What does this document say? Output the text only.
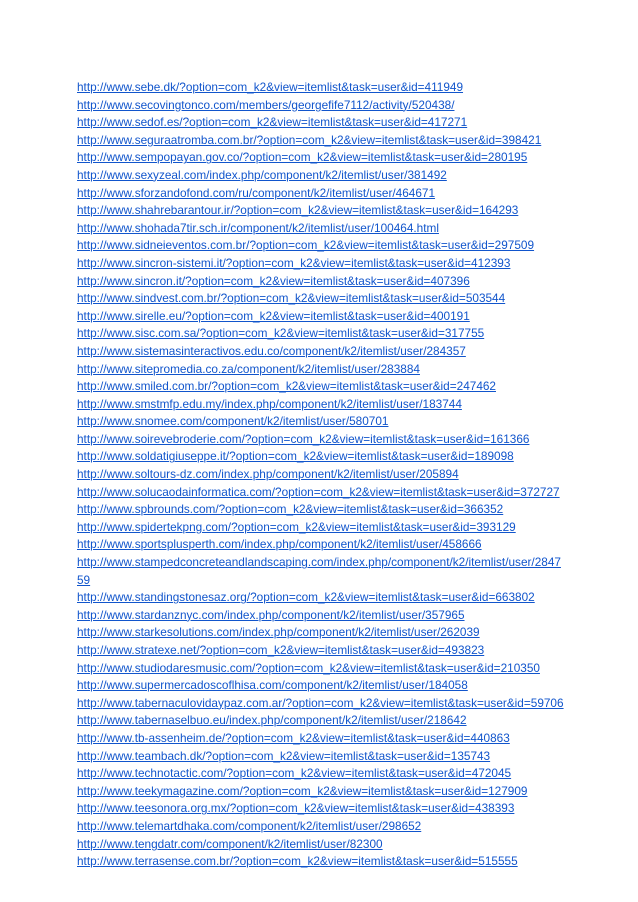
http://www.sebe.dk/?option=com_k2&view=itemlist&task=user&id=411949
http://www.secovingtonco.com/members/georgefife7112/activity/520438/
http://www.sedof.es/?option=com_k2&view=itemlist&task=user&id=417271
http://www.seguraatromba.com.br/?option=com_k2&view=itemlist&task=user&id=398421
http://www.sempopayan.gov.co/?option=com_k2&view=itemlist&task=user&id=280195
http://www.sexyzeal.com/index.php/component/k2/itemlist/user/381492
http://www.sforzandofond.com/ru/component/k2/itemlist/user/464671
http://www.shahrebarantour.ir/?option=com_k2&view=itemlist&task=user&id=164293
http://www.shohada7tir.sch.ir/component/k2/itemlist/user/100464.html
http://www.sidneieventos.com.br/?option=com_k2&view=itemlist&task=user&id=297509
http://www.sincron-sistemi.it/?option=com_k2&view=itemlist&task=user&id=412393
http://www.sincron.it/?option=com_k2&view=itemlist&task=user&id=407396
http://www.sindvest.com.br/?option=com_k2&view=itemlist&task=user&id=503544
http://www.sirelle.eu/?option=com_k2&view=itemlist&task=user&id=400191
http://www.sisc.com.sa/?option=com_k2&view=itemlist&task=user&id=317755
http://www.sistemasinteractivos.edu.co/component/k2/itemlist/user/284357
http://www.sitepromedia.co.za/component/k2/itemlist/user/283884
http://www.smiled.com.br/?option=com_k2&view=itemlist&task=user&id=247462
http://www.smstmfp.edu.my/index.php/component/k2/itemlist/user/183744
http://www.snomee.com/component/k2/itemlist/user/580701
http://www.soirevebroderie.com/?option=com_k2&view=itemlist&task=user&id=161366
http://www.soldatigiuseppe.it/?option=com_k2&view=itemlist&task=user&id=189098
http://www.soltours-dz.com/index.php/component/k2/itemlist/user/205894
http://www.solucaodainformatica.com/?option=com_k2&view=itemlist&task=user&id=372727
http://www.spbrounds.com/?option=com_k2&view=itemlist&task=user&id=366352
http://www.spidertekpng.com/?option=com_k2&view=itemlist&task=user&id=393129
http://www.sportsplusperth.com/index.php/component/k2/itemlist/user/458666
http://www.stampedconcreteandlandscaping.com/index.php/component/k2/itemlist/user/284759
http://www.standingstonesaz.org/?option=com_k2&view=itemlist&task=user&id=663802
http://www.stardanznyc.com/index.php/component/k2/itemlist/user/357965
http://www.starkesolutions.com/index.php/component/k2/itemlist/user/262039
http://www.stratexe.net/?option=com_k2&view=itemlist&task=user&id=493823
http://www.studiodaresmusic.com/?option=com_k2&view=itemlist&task=user&id=210350
http://www.supermercadoscoflhisa.com/component/k2/itemlist/user/184058
http://www.tabernaculovidaypaz.com.ar/?option=com_k2&view=itemlist&task=user&id=59706
http://www.tabernaselbuo.eu/index.php/component/k2/itemlist/user/218642
http://www.tb-assenheim.de/?option=com_k2&view=itemlist&task=user&id=440863
http://www.teambach.dk/?option=com_k2&view=itemlist&task=user&id=135743
http://www.technotactic.com/?option=com_k2&view=itemlist&task=user&id=472045
http://www.teekymagazine.com/?option=com_k2&view=itemlist&task=user&id=127909
http://www.teesonora.org.mx/?option=com_k2&view=itemlist&task=user&id=438393
http://www.telemartdhaka.com/component/k2/itemlist/user/298652
http://www.tengdatr.com/component/k2/itemlist/user/82300
http://www.terrasense.com.br/?option=com_k2&view=itemlist&task=user&id=515555
